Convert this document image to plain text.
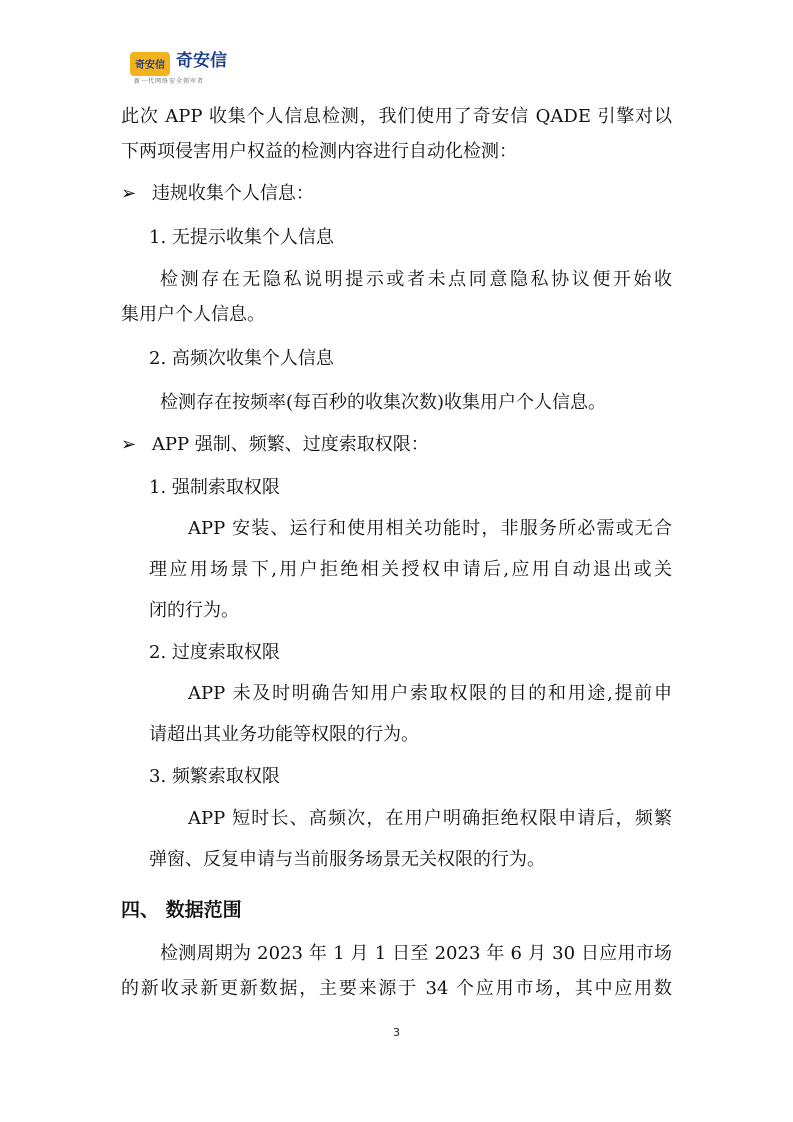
奇安信 奇安信
新一代网络安全领军者
此次 APP 收集个人信息检测，我们使用了奇安信 QADE 引擎对以
下两项侵害用户权益的检测内容进行自动化检测：
➢ 违规收集个人信息：
1. 无提示收集个人信息
检测存在无隐私说明提示或者未点同意隐私协议便开始收
集用户个人信息。
2. 高频次收集个人信息
检测存在按频率(每百秒的收集次数)收集用户个人信息。
➢ APP 强制、频繁、过度索取权限：
1. 强制索取权限
APP 安装、运行和使用相关功能时，非服务所必需或无合
理应用场景下,用户拒绝相关授权申请后,应用自动退出或关
闭的行为。
2. 过度索取权限
APP 未及时明确告知用户索取权限的目的和用途,提前申
请超出其业务功能等权限的行为。
3. 频繁索取权限
APP 短时长、高频次，在用户明确拒绝权限申请后，频繁
弹窗、反复申请与当前服务场景无关权限的行为。
四、 数据范围
检测周期为 2023 年 1 月 1 日至 2023 年 6 月 30 日应用市场
的新收录新更新数据，主要来源于 34 个应用市场，其中应用数
3
